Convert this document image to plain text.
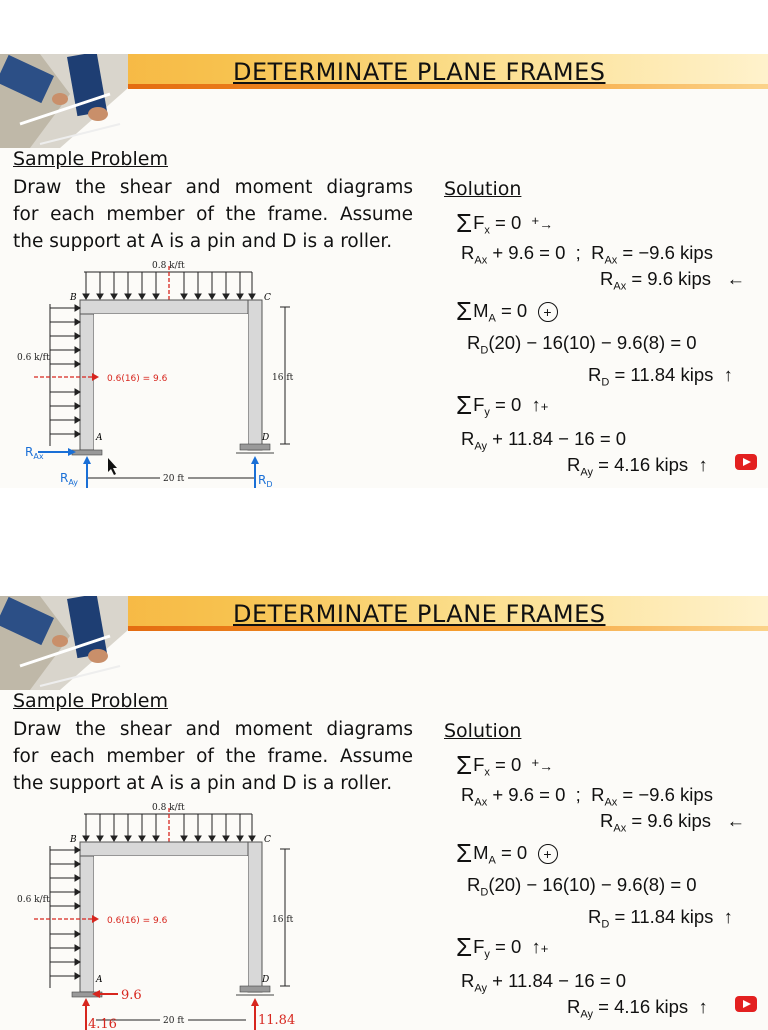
DETERMINATE PLANE FRAMES
Sample Problem
Draw the shear and moment diagrams
for each member of the frame. Assume
the support at A is a pin and D is a roller.
0.8 k/ft
B	C
A	D
0.6 k/ft
0.6(16) = 9.6	16 ft
20 ft
$R_{Ax}$
$R_{Ay}$	$R_D$
Solution
$\Sigma F_x = 0$  +→
$R_{Ax} + 9.6 = 0$  ;  $R_{Ax} = -9.6$ kips
$R_{Ax} = 9.6$ kips   ←
$\Sigma M_A = 0$  +
$R_D(20) - 16(10) - 9.6(8) = 0$
$R_D = 11.84$ kips  ↑
$\Sigma F_y = 0$  ↑+
$R_{Ay} + 11.84 - 16 = 0$
$R_{Ay} = 4.16$ kips  ↑
DETERMINATE PLANE FRAMES
Sample Problem
Draw the shear and moment diagrams
for each member of the frame. Assume
the support at A is a pin and D is a roller.
0.8 k/ft
B	C
A	D
0.6 k/ft
0.6(16) = 9.6	16 ft
20 ft
9.6
4.16	11.84
Solution
$\Sigma F_x = 0$  +→
$R_{Ax} + 9.6 = 0$  ;  $R_{Ax} = -9.6$ kips
$R_{Ax} = 9.6$ kips   ←
$\Sigma M_A = 0$  +
$R_D(20) - 16(10) - 9.6(8) = 0$
$R_D = 11.84$ kips  ↑
$\Sigma F_y = 0$  ↑+
$R_{Ay} + 11.84 - 16 = 0$
$R_{Ay} = 4.16$ kips  ↑
